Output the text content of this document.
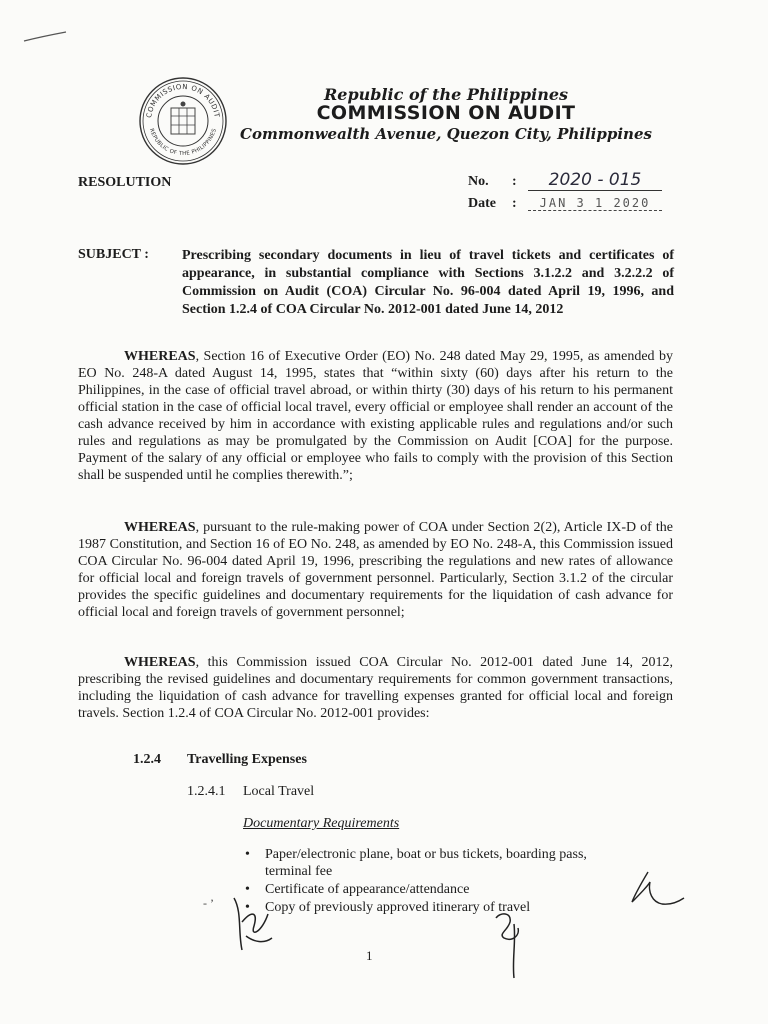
COMMISSION ON AUDIT
REPUBLIC OF THE PHILIPPINES
Republic of the Philippines
COMMISSION ON AUDIT
Commonwealth Avenue, Quezon City, Philippines
RESOLUTION	No. : 2020 - 015
Date : JAN 3 1 2020
SUBJECT : Prescribing secondary documents in lieu of travel tickets and certificates of appearance, in substantial compliance with Sections 3.1.2.2 and 3.2.2.2 of Commission on Audit (COA) Circular No. 96-004 dated April 19, 1996, and Section 1.2.4 of COA Circular No. 2012-001 dated June 14, 2012
WHEREAS, Section 16 of Executive Order (EO) No. 248 dated May 29, 1995, as amended by EO No. 248-A dated August 14, 1995, states that “within sixty (60) days after his return to the Philippines, in the case of official travel abroad, or within thirty (30) days of his return to his permanent official station in the case of official local travel, every official or employee shall render an account of the cash advance received by him in accordance with existing applicable rules and regulations and/or such rules and regulations as may be promulgated by the Commission on Audit [COA] for the purpose. Payment of the salary of any official or employee who fails to comply with the provision of this Section shall be suspended until he complies therewith.”;
WHEREAS, pursuant to the rule-making power of COA under Section 2(2), Article IX-D of the 1987 Constitution, and Section 16 of EO No. 248, as amended by EO No. 248-A, this Commission issued COA Circular No. 96-004 dated April 19, 1996, prescribing the regulations and new rates of allowance for official local and foreign travels of government personnel. Particularly, Section 3.1.2 of the circular provides the specific guidelines and documentary requirements for the liquidation of cash advance for official local and foreign travels of government personnel;
WHEREAS, this Commission issued COA Circular No. 2012-001 dated June 14, 2012, prescribing the revised guidelines and documentary requirements for common government transactions, including the liquidation of cash advance for travelling expenses granted for official local and foreign travels. Section 1.2.4 of COA Circular No. 2012-001 provides:
1.2.4 Travelling Expenses
1.2.4.1 Local Travel
Documentary Requirements
• Paper/electronic plane, boat or bus tickets, boarding pass, terminal fee
• Certificate of appearance/attendance
• Copy of previously approved itinerary of travel
- ’
1
